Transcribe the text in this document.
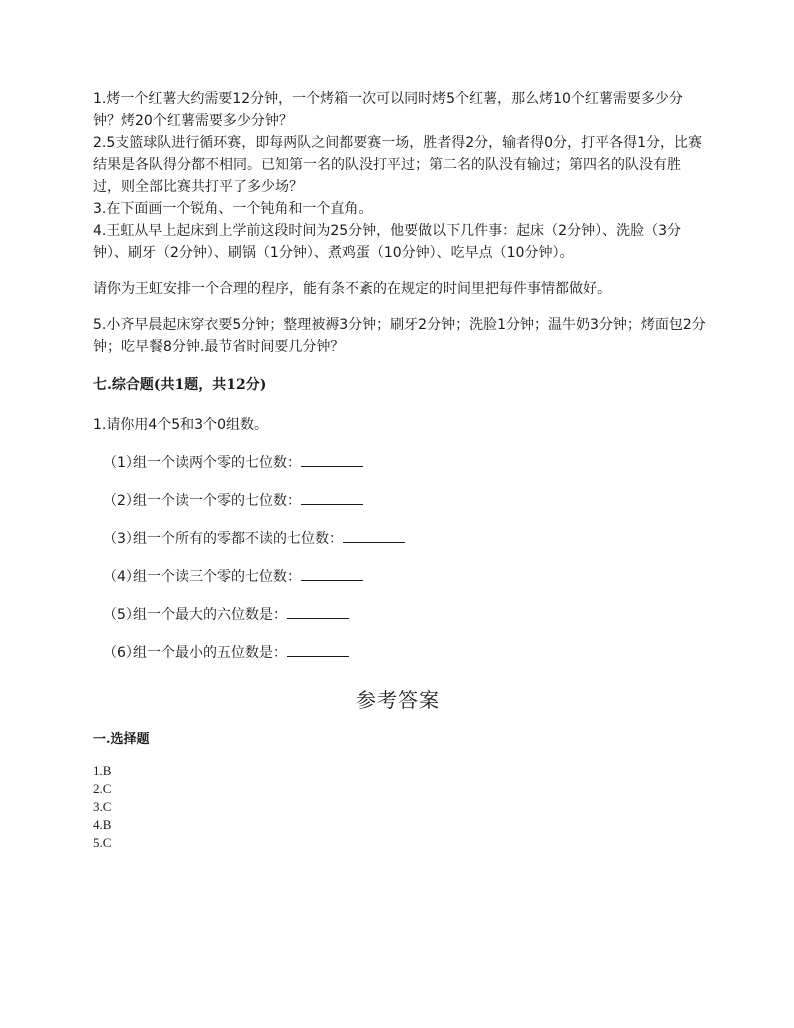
1.烤一个红薯大约需要12分钟，一个烤箱一次可以同时烤5个红薯，那么烤10个红薯需要多少分钟？烤20个红薯需要多少分钟？

2.5支篮球队进行循环赛，即每两队之间都要赛一场，胜者得2分，输者得0分，打平各得1分，比赛结果是各队得分都不相同。已知第一名的队没打平过；第二名的队没有输过；第四名的队没有胜过，则全部比赛共打平了多少场？

3.在下面画一个锐角、一个钝角和一个直角。

4.王虹从早上起床到上学前这段时间为25分钟，他要做以下几件事：起床（2分钟）、洗脸（3分钟）、刷牙（2分钟）、刷锅（1分钟）、煮鸡蛋（10分钟）、吃早点（10分钟）。

请你为王虹安排一个合理的程序，能有条不紊的在规定的时间里把每件事情都做好。

5.小齐早晨起床穿衣要5分钟；整理被褥3分钟；刷牙2分钟；洗脸1分钟；温牛奶3分钟；烤面包2分钟；吃早餐8分钟.最节省时间要几分钟？

七.综合题(共1题，共12分)
1.请你用4个5和3个0组数。
（1）
组一个读两个零的七位数：
（2）
组一个读一个零的七位数：
（3）
组一个所有的零都不读的七位数：
（4）
组一个读三个零的七位数：
（5）
组一个最大的六位数是：
（6）
组一个最小的五位数是：
参考答案
一.选择题
1.B
2.C
3.C
4.B
5.C
